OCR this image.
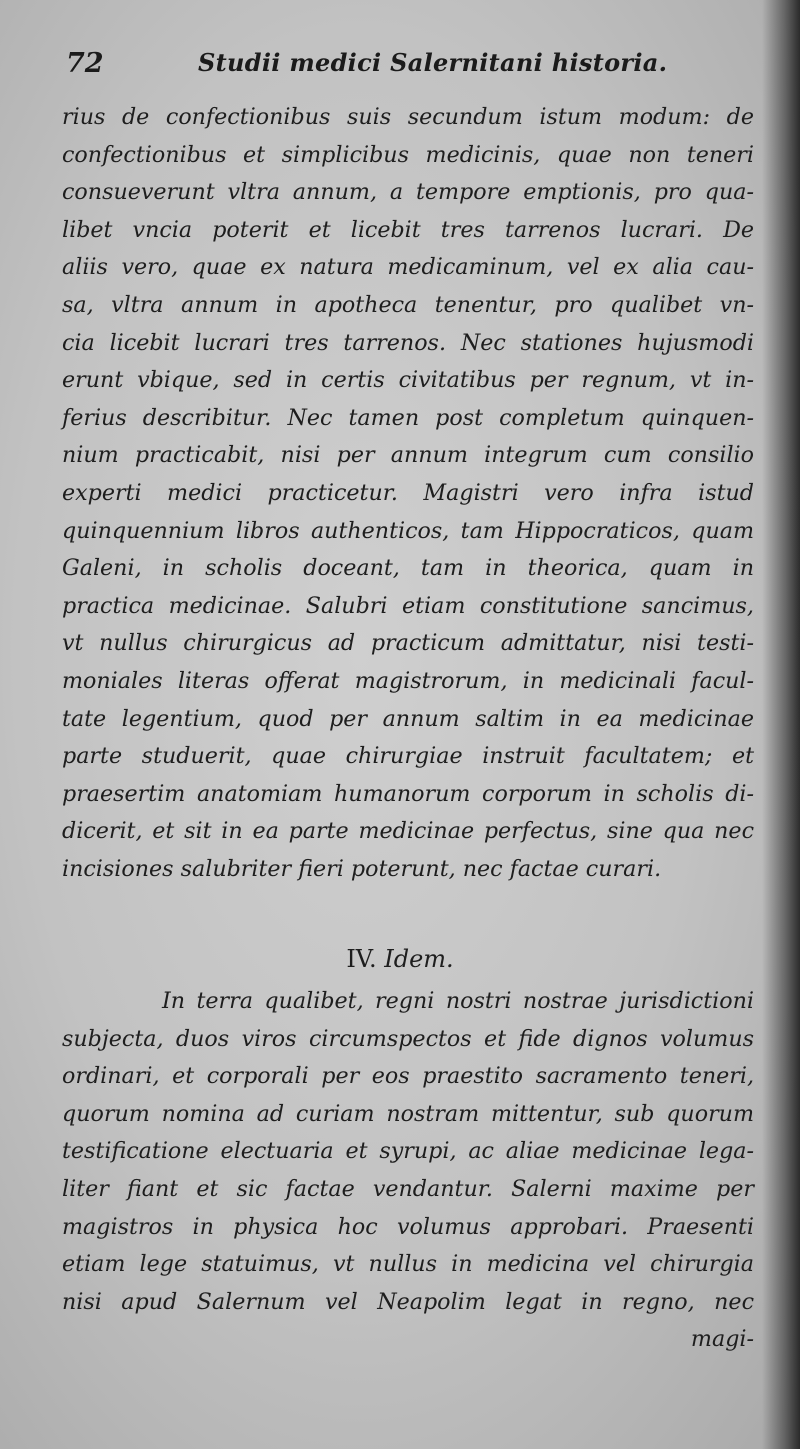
72	Studii medici Salernitani historia.
rius de confectionibus suis secundum istum modum: de
confectionibus et simplicibus medicinis, quae non teneri
consueverunt vltra annum, a tempore emptionis, pro qua-
libet vncia poterit et licebit tres tarrenos lucrari. De
aliis vero, quae ex natura medicaminum, vel ex alia cau-
sa, vltra annum in apotheca tenentur, pro qualibet vn-
cia licebit lucrari tres tarrenos. Nec stationes hujusmodi
erunt vbique, sed in certis civitatibus per regnum, vt in-
ferius describitur. Nec tamen post completum quinquen-
nium practicabit, nisi per annum integrum cum consilio
experti medici practicetur. Magistri vero infra istud
quinquennium libros authenticos, tam Hippocraticos, quam
Galeni, in scholis doceant, tam in theorica, quam in
practica medicinae. Salubri etiam constitutione sancimus,
vt nullus chirurgicus ad practicum admittatur, nisi testi-
moniales literas offerat magistrorum, in medicinali facul-
tate legentium, quod per annum saltim in ea medicinae
parte studuerit, quae chirurgiae instruit facultatem; et
praesertim anatomiam humanorum corporum in scholis di-
dicerit, et sit in ea parte medicinae perfectus, sine qua nec
incisiones salubriter fieri poterunt, nec factae curari.
IV. Idem.
In terra qualibet, regni nostri nostrae jurisdictioni
subjecta, duos viros circumspectos et fide dignos volumus
ordinari, et corporali per eos praestito sacramento teneri,
quorum nomina ad curiam nostram mittentur, sub quorum
testificatione electuaria et syrupi, ac aliae medicinae lega-
liter fiant et sic factae vendantur. Salerni maxime per
magistros in physica hoc volumus approbari. Praesenti
etiam lege statuimus, vt nullus in medicina vel chirurgia
nisi apud Salernum vel Neapolim legat in regno, nec
magi-
